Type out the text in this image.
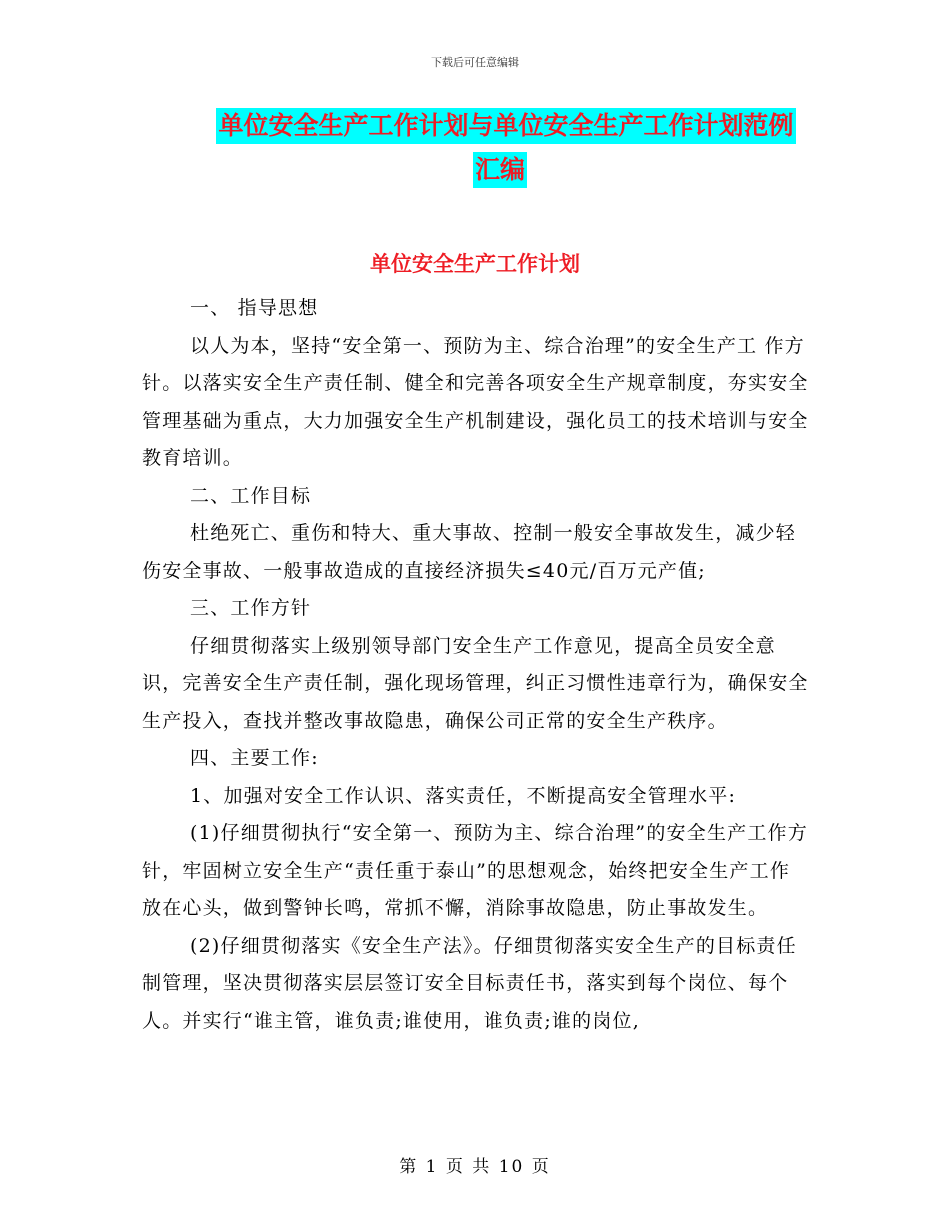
下载后可任意编辑
单位安全生产工作计划与单位安全生产工作计划范例
汇编
单位安全生产工作计划

一、 指导思想

以人为本，坚持“安全第一、预防为主、综合治理”的安全生产工 作方针。以落实安全生产责任制、健全和完善各项安全生产规章制度，夯实安全管理基础为重点，大力加强安全生产机制建设，强化员工的技术培训与安全教育培训。

二、工作目标

杜绝死亡、重伤和特大、重大事故、控制一般安全事故发生，减少轻伤安全事故、一般事故造成的直接经济损失≤40元/百万元产值;

三、工作方针

仔细贯彻落实上级别领导部门安全生产工作意见，提高全员安全意识，完善安全生产责任制，强化现场管理，纠正习惯性违章行为，确保安全生产投入，查找并整改事故隐患，确保公司正常的安全生产秩序。

四、主要工作:

1、加强对安全工作认识、落实责任，不断提高安全管理水平:

(1)仔细贯彻执行“安全第一、预防为主、综合治理”的安全生产工作方针，牢固树立安全生产“责任重于泰山”的思想观念，始终把安全生产工作放在心头，做到警钟长鸣，常抓不懈，消除事故隐患，防止事故发生。

(2)仔细贯彻落实《安全生产法》。仔细贯彻落实安全生产的目标责任制管理，坚决贯彻落实层层签订安全目标责任书，落实到每个岗位、每个人。并实行“谁主管，谁负责;谁使用，谁负责;谁的岗位,

第 1 页 共 10 页
